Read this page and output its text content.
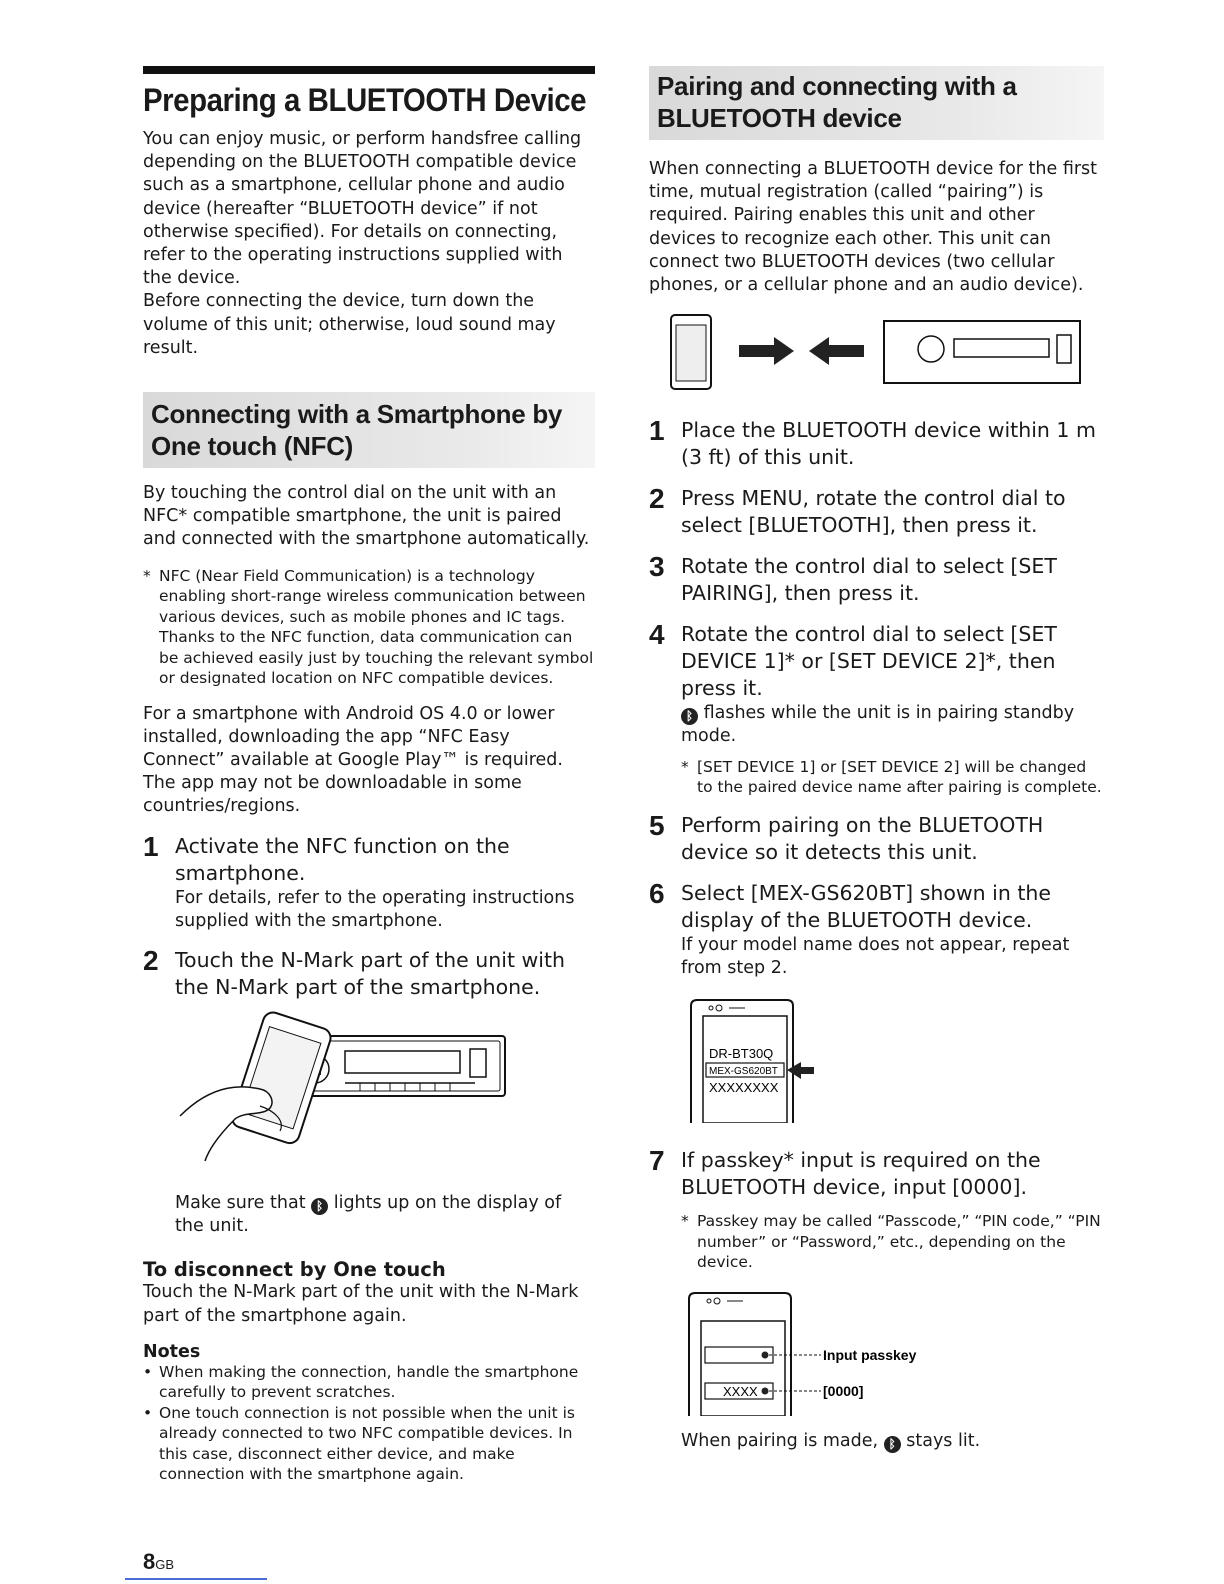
Preparing a BLUETOOTH Device

You can enjoy music, or perform handsfree calling depending on the BLUETOOTH compatible device such as a smartphone, cellular phone and audio device (hereafter “BLUETOOTH device” if not otherwise specified). For details on connecting, refer to the operating instructions supplied with the device.

Before connecting the device, turn down the volume of this unit; otherwise, loud sound may result.

Connecting with a Smartphone by One touch (NFC)

By touching the control dial on the unit with an NFC* compatible smartphone, the unit is paired and connected with the smartphone automatically.

* NFC (Near Field Communication) is a technology enabling short-range wireless communication between various devices, such as mobile phones and IC tags. Thanks to the NFC function, data communication can be achieved easily just by touching the relevant symbol or designated location on NFC compatible devices.

For a smartphone with Android OS 4.0 or lower installed, downloading the app “NFC Easy Connect” available at Google Play™ is required. The app may not be downloadable in some countries/regions.

1 Activate the NFC function on the smartphone.

For details, refer to the operating instructions supplied with the smartphone.

2 Touch the N-Mark part of the unit with the N-Mark part of the smartphone.

Make sure that ᛒ lights up on the display of the unit.

To disconnect by One touch

Touch the N-Mark part of the unit with the N-Mark part of the smartphone again.

Notes

• When making the connection, handle the smartphone carefully to prevent scratches.
• One touch connection is not possible when the unit is already connected to two NFC compatible devices. In this case, disconnect either device, and make connection with the smartphone again.
Pairing and connecting with a BLUETOOTH device

When connecting a BLUETOOTH device for the first time, mutual registration (called “pairing”) is required. Pairing enables this unit and other devices to recognize each other. This unit can connect two BLUETOOTH devices (two cellular phones, or a cellular phone and an audio device).

1 Place the BLUETOOTH device within 1 m (3 ft) of this unit.

2 Press MENU, rotate the control dial to select [BLUETOOTH], then press it.

3 Rotate the control dial to select [SET PAIRING], then press it.

4 Rotate the control dial to select [SET DEVICE 1]* or [SET DEVICE 2]*, then press it.

ᛒ flashes while the unit is in pairing standby mode.

* [SET DEVICE 1] or [SET DEVICE 2] will be changed to the paired device name after pairing is complete.
5 Perform pairing on the BLUETOOTH device so it detects this unit.

6 Select [MEX-GS620BT] shown in the display of the BLUETOOTH device.

If your model name does not appear, repeat from step 2.

DR-BT30Q
MEX-GS620BT
XXXXXXXX
7 If passkey* input is required on the BLUETOOTH device, input [0000].

* Passkey may be called “Passcode,” “PIN code,” “PIN number” or “Password,” etc., depending on the device.
XXXX
Input passkey
[0000]

When pairing is made, ᛒ stays lit.

8GB
